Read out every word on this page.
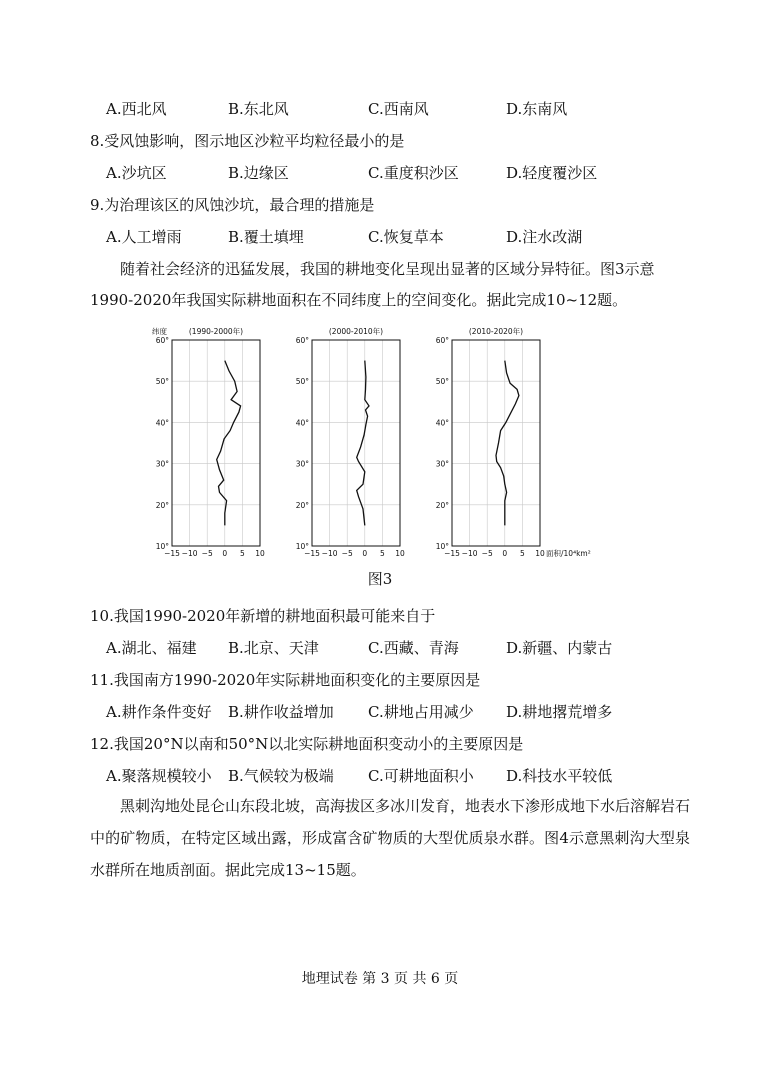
A.西北风	B.东北风	C.西南风	D.东南风
8.受风蚀影响，图示地区沙粒平均粒径最小的是
A.沙坑区	B.边缘区	C.重度积沙区	D.轻度覆沙区
9.为治理该区的风蚀沙坑，最合理的措施是
A.人工增雨	B.覆土填埋	C.恢复草本	D.注水改湖
随着社会经济的迅猛发展，我国的耕地变化呈现出显著的区域分异特征。图3示意
1990-2020年我国实际耕地面积在不同纬度上的空间变化。据此完成10~12题。
10°
20°
30°
40°
50°
60°
−15 −10 −5 0 5 10
(1990-2000年)
10°
20°
30°
40°
50°
60°
−15 −10 −5 0 5 10
(2000-2010年)
10°
20°
30°
40°
50°
60°
−15 −10 −5 0 5 10
(2010-2020年)
纬度
面积/10⁴km²
图3
10.我国1990-2020年新增的耕地面积最可能来自于
A.湖北、福建 B.北京、天津	C.西藏、青海	D.新疆、内蒙古
11.我国南方1990-2020年实际耕地面积变化的主要原因是
A.耕作条件变好 B.耕作收益增加 C.耕地占用减少 D.耕地撂荒增多
12.我国20°N以南和50°N以北实际耕地面积变动小的主要原因是
A.聚落规模较小 B.气候较为极端 C.可耕地面积小 D.科技水平较低
黑刺沟地处昆仑山东段北坡，高海拔区多冰川发育，地表水下渗形成地下水后溶解岩石中的矿物质，在特定区域出露，形成富含矿物质的大型优质泉水群。图4示意黑刺沟大型泉水群所在地质剖面。据此完成13~15题。
地理试卷 第 3 页 共 6 页
